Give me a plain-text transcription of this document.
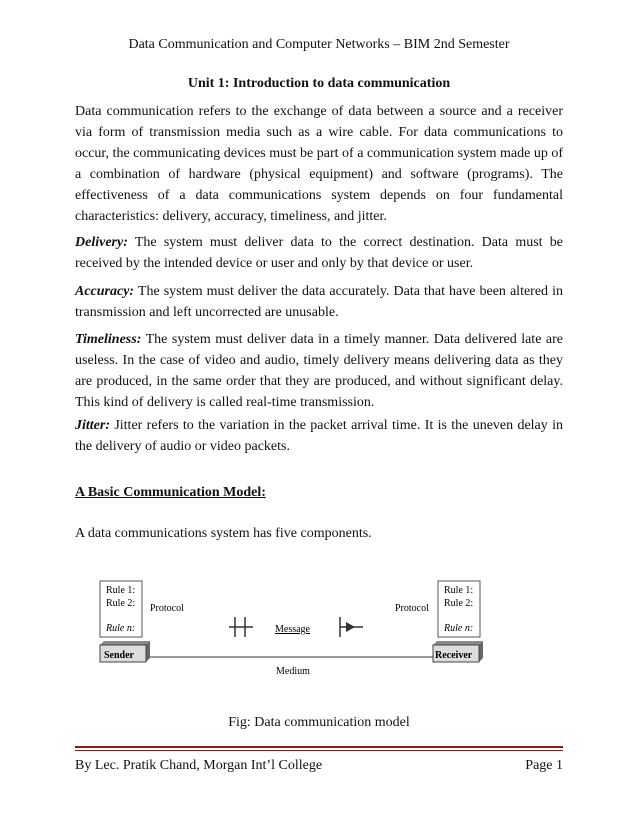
Data Communication and Computer Networks – BIM 2nd Semester
Unit 1: Introduction to data communication

Data communication refers to the exchange of data between a source and a receiver via form of transmission media such as a wire cable. For data communications to occur, the communicating devices must be part of a communication system made up of a combination of hardware (physical equipment) and software (programs). The effectiveness of a data communications system depends on four fundamental characteristics: delivery, accuracy, timeliness, and jitter.

Delivery: The system must deliver data to the correct destination. Data must be received by the intended device or user and only by that device or user.

Accuracy: The system must deliver the data accurately. Data that have been altered in transmission and left uncorrected are unusable.

Timeliness: The system must deliver data in a timely manner. Data delivered late are useless. In the case of video and audio, timely delivery means delivering data as they are produced, in the same order that they are produced, and without significant delay. This kind of delivery is called real-time transmission.

Jitter: Jitter refers to the variation in the packet arrival time. It is the uneven delay in the delivery of audio or video packets.

A Basic Communication Model:

A data communications system has five components.

Rule 1:
Rule 2:
Rule n:
Protocol
Sender
Rule 1:
Rule 2:
Rule n:
Protocol
Receiver
Medium
Message
Fig: Data communication model
By Lec. Pratik Chand, Morgan Int’l College	Page 1
